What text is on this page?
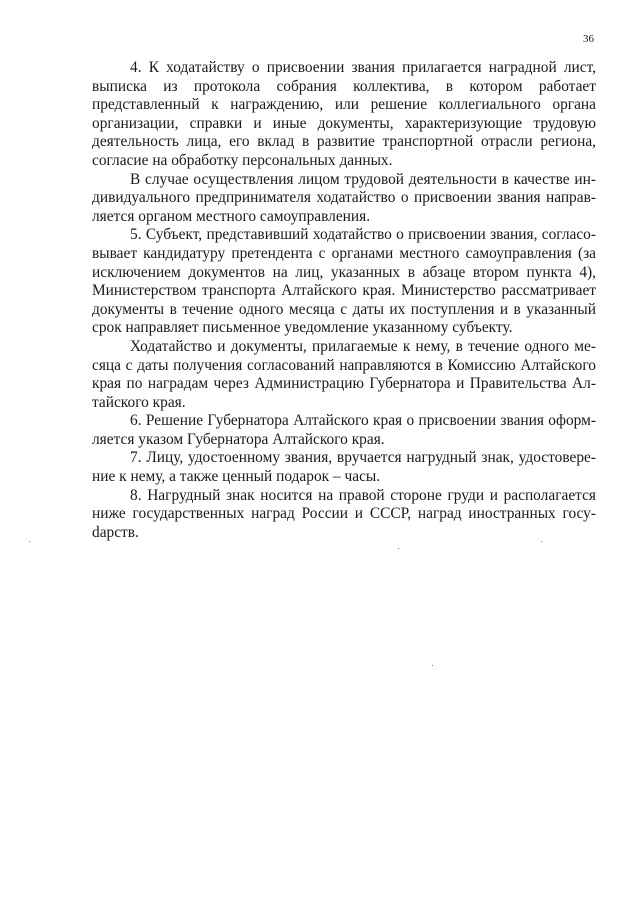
36

4. К ходатайству о присвоении звания прилагается наградной лист, выписка из протокола собрания коллектива, в котором работает представленный к награждению, или решение коллегиального органа организации, справки и иные документы, характеризующие трудовую деятельность лица, его вклад в развитие транспортной отрасли региона, согласие на обработку персональных данных.

В случае осуществления лицом трудовой деятельности в качестве индивидуального предпринимателя ходатайство о присвоении звания направляется органом местного самоуправления.

5. Субъект, представивший ходатайство о присвоении звания, согласовывает кандидатуру претендента с органами местного самоуправления (за исключением документов на лиц, указанных в абзаце втором пункта 4), Министерством транспорта Алтайского края. Министерство рассматривает документы в течение одного месяца с даты их поступления и в указанный срок направляет письменное уведомление указанному субъекту.

Ходатайство и документы, прилагаемые к нему, в течение одного месяца с даты получения согласований направляются в Комиссию Алтайского края по наградам через Администрацию Губернатора и Правительства Алтайского края.

6. Решение Губернатора Алтайского края о присвоении звания оформляется указом Губернатора Алтайского края.

7. Лицу, удостоенному звания, вручается нагрудный знак, удостоверение к нему, а также ценный подарок – часы.

8. Нагрудный знак носится на правой стороне груди и располагается ниже государственных наград России и СССР, наград иностранных госуdарств.
